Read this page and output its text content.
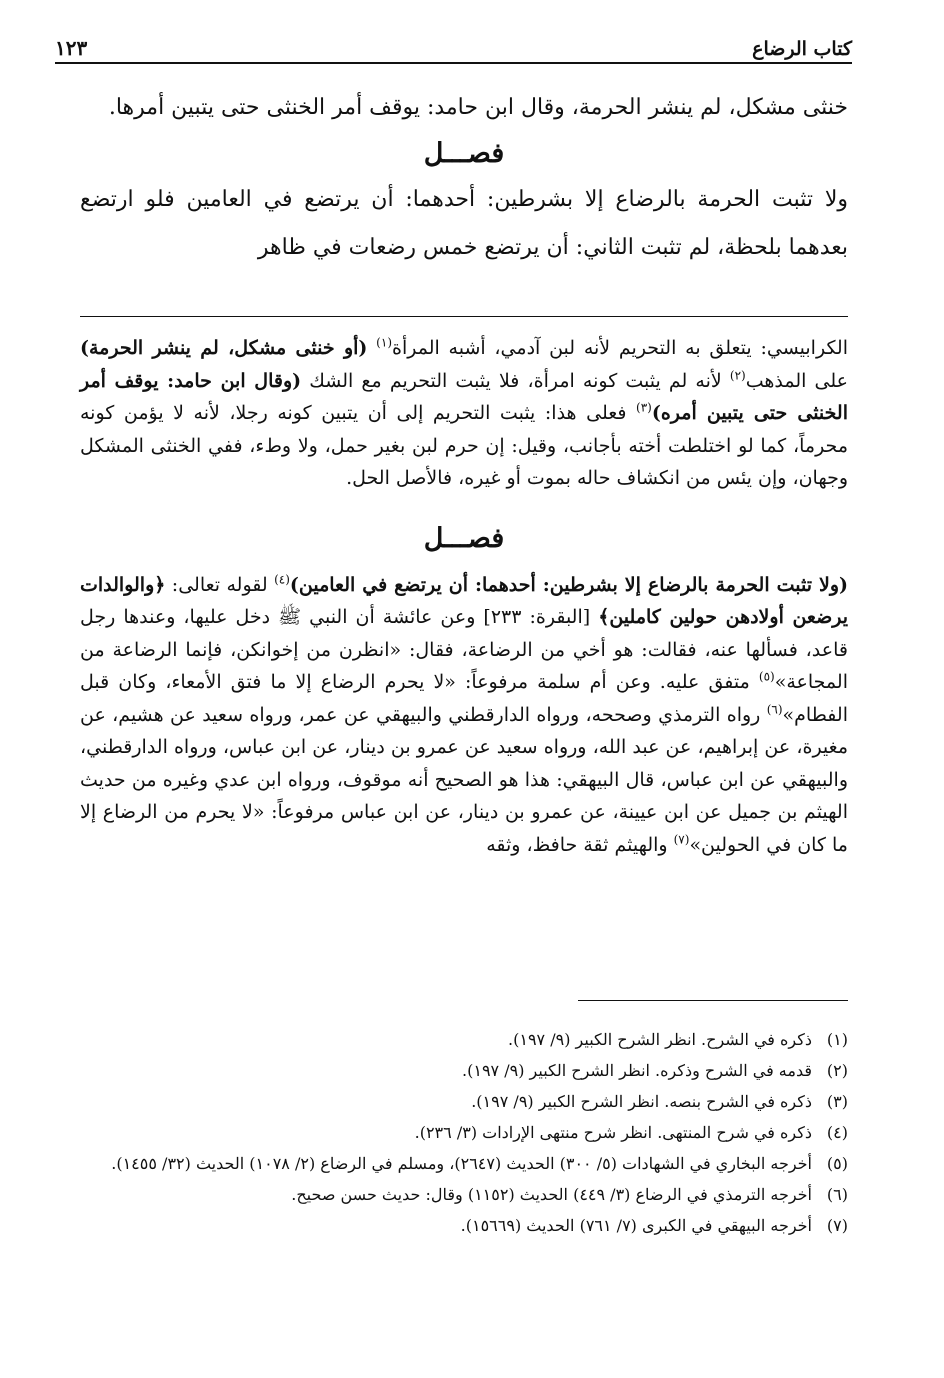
كتاب الرضاع
١٢٣

خنثى مشكل، لم ينشر الحرمة، وقال ابن حامد: يوقف أمر الخنثى حتى يتبين أمرها.

فصـــل

ولا تثبت الحرمة بالرضاع إلا بشرطين: أحدهما: أن يرتضع في العامين فلو ارتضع بعدهما بلحظة، لم تثبت الثاني: أن يرتضع خمس رضعات في ظاهر

الكرابيسي: يتعلق به التحريم لأنه لبن آدمي، أشبه المرأة$^{(١)}$ (أو خنثى مشكل، لم ينشر الحرمة) على المذهب$^{(٢)}$ لأنه لم يثبت كونه امرأة، فلا يثبت التحريم مع الشك (وقال ابن حامد: يوقف أمر الخنثى حتى يتبين أمره)$^{(٣)}$ فعلى هذا: يثبت التحريم إلى أن يتبين كونه رجلا، لأنه لا يؤمن كونه محرماً، كما لو اختلطت أخته بأجانب، وقيل: إن حرم لبن بغير حمل، ولا وطء، ففي الخنثى المشكل وجهان، وإن يئس من انكشاف حاله بموت أو غيره، فالأصل الحل.

فصـــل

(ولا تثبت الحرمة بالرضاع إلا بشرطين: أحدهما: أن يرتضع في العامين)$^{(٤)}$ لقوله تعالى: ﴿والوالدات يرضعن أولادهن حولين كاملين﴾ [البقرة: ٢٣٣] وعن عائشة أن النبي ﷺ دخل عليها، وعندها رجل قاعد، فسألها عنه، فقالت: هو أخي من الرضاعة، فقال: «انظرن من إخوانكن، فإنما الرضاعة من المجاعة»$^{(٥)}$ متفق عليه. وعن أم سلمة مرفوعاً: «لا يحرم الرضاع إلا ما فتق الأمعاء، وكان قبل الفطام»$^{(٦)}$ رواه الترمذي وصححه، ورواه الدارقطني والبيهقي عن عمر، ورواه سعيد عن هشيم، عن مغيرة، عن إبراهيم، عن عبد الله، ورواه سعيد عن عمرو بن دينار، عن ابن عباس، ورواه الدارقطني، والبيهقي عن ابن عباس، قال البيهقي: هذا هو الصحيح أنه موقوف، ورواه ابن عدي وغيره من حديث الهيثم بن جميل عن ابن عيينة، عن عمرو بن دينار، عن ابن عباس مرفوعاً: «لا يحرم من الرضاع إلا ما كان في الحولين»$^{(٧)}$ والهيثم ثقة حافظ، وثقه

(١)
ذكره في الشرح. انظر الشرح الكبير (٩/ ١٩٧).
(٢)
قدمه في الشرح وذكره. انظر الشرح الكبير (٩/ ١٩٧).
(٣)
ذكره في الشرح بنصه. انظر الشرح الكبير (٩/ ١٩٧).
(٤)
ذكره في شرح المنتهى. انظر شرح منتهى الإرادات (٣/ ٢٣٦).
(٥)
أخرجه البخاري في الشهادات (٥/ ٣٠٠) الحديث (٢٦٤٧)، ومسلم في الرضاع (٢/ ١٠٧٨) الحديث (٣٢/ ١٤٥٥).
(٦)
أخرجه الترمذي في الرضاع (٣/ ٤٤٩) الحديث (١١٥٢) وقال: حديث حسن صحيح.
(٧)
أخرجه البيهقي في الكبرى (٧/ ٧٦١) الحديث (١٥٦٦٩).
